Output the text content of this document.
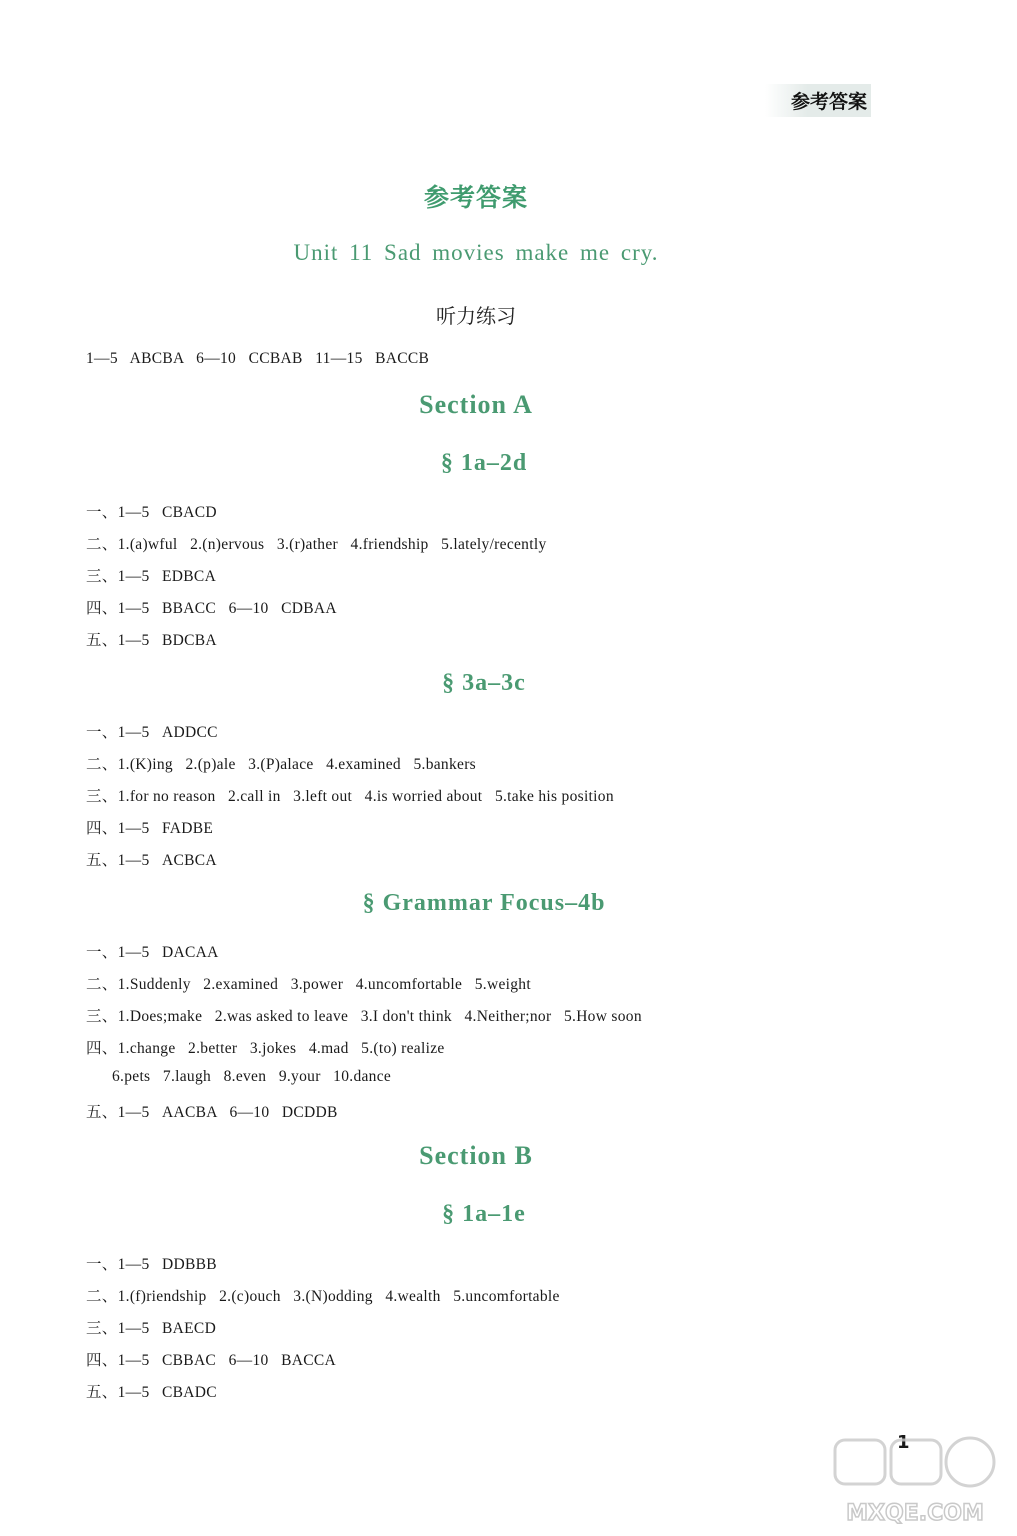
参考答案
参考答案
Unit 11 Sad movies make me cry.
听力练习
1—5   ABCBA   6—10   CCBAB   11—15   BACCB
Section A
§ 1a–2d
一、1—5   CBACD
二、1.(a)wful   2.(n)ervous   3.(r)ather   4.friendship   5.lately/recently
三、1—5   EDBCA
四、1—5   BBACC   6—10   CDBAA
五、1—5   BDCBA
§ 3a–3c
一、1—5   ADDCC
二、1.(K)ing   2.(p)ale   3.(P)alace   4.examined   5.bankers
三、1.for no reason   2.call in   3.left out   4.is worried about   5.take his position
四、1—5   FADBE
五、1—5   ACBCA
§ Grammar Focus–4b
一、1—5   DACAA
二、1.Suddenly   2.examined   3.power   4.uncomfortable   5.weight
三、1.Does;make   2.was asked to leave   3.I don't think   4.Neither;nor   5.How soon
四、1.change   2.better   3.jokes   4.mad   5.(to) realize
6.pets   7.laugh   8.even   9.your   10.dance
五、1—5   AACBA   6—10   DCDDB
Section B
§ 1a–1e
一、1—5   DDBBB
二、1.(f)riendship   2.(c)ouch   3.(N)odding   4.wealth   5.uncomfortable
三、1—5   BAECD
四、1—5   CBBAC   6—10   BACCA
五、1—5   CBADC
1
MXQE.COM
